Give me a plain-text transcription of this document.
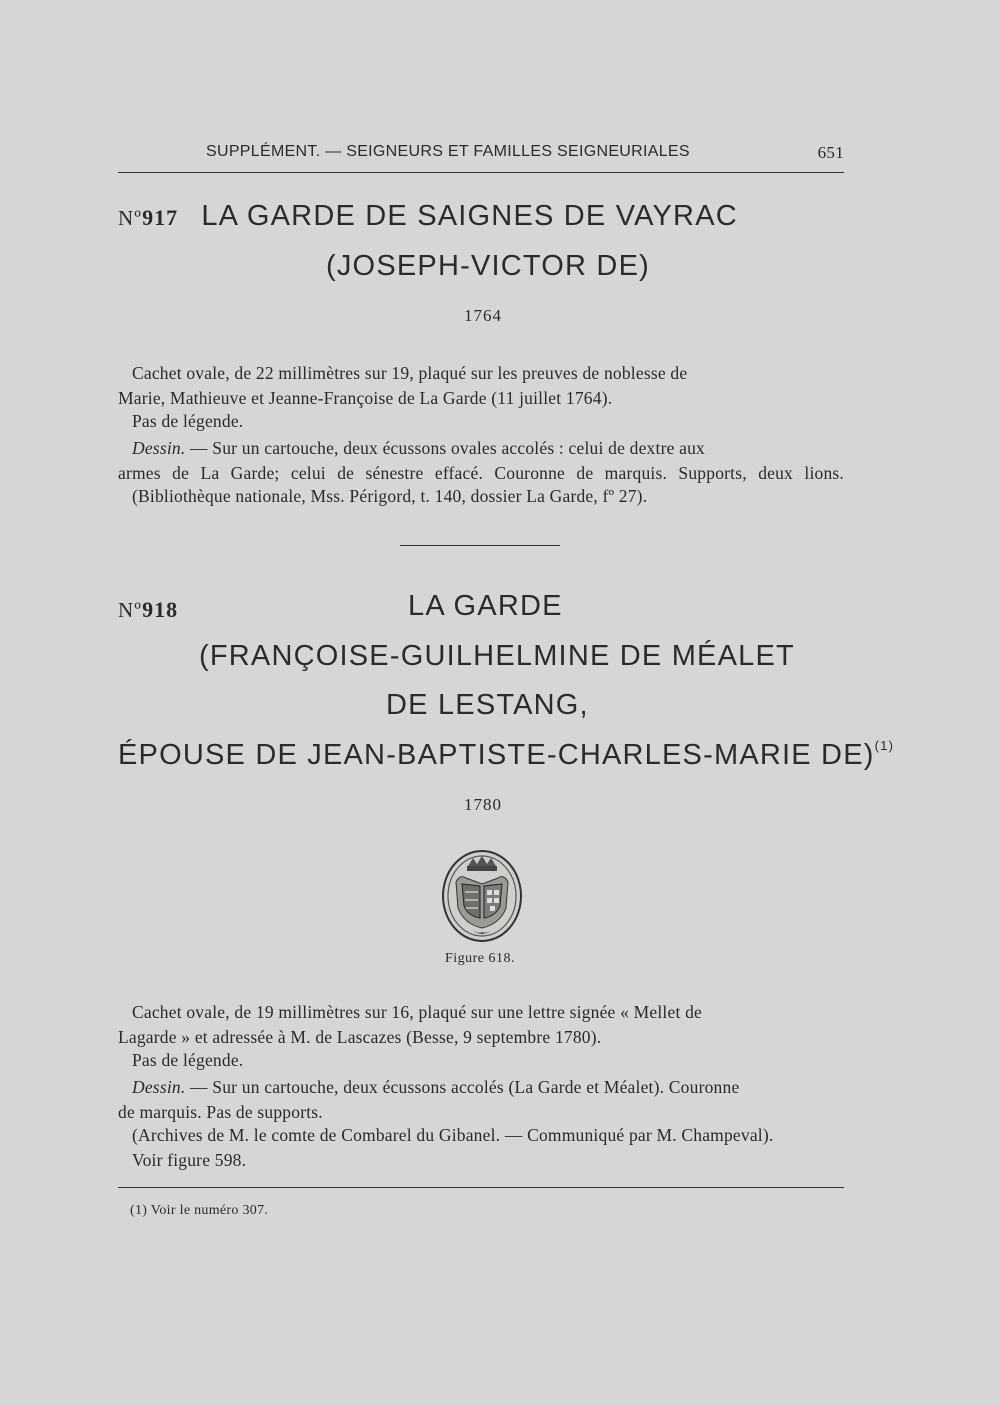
SUPPLÉMENT. — SEIGNEURS ET FAMILLES SEIGNEURIALES	651
Nº917 LA GARDE DE SAIGNES DE VAYRAC
(JOSEPH-VICTOR DE)
1764
Cachet ovale, de 22 millimètres sur 19, plaqué sur les preuves de noblesse de
Marie, Mathieuve et Jeanne-Françoise de La Garde (11 juillet 1764).
Pas de légende.
Dessin. — Sur un cartouche, deux écussons ovales accolés : celui de dextre aux
armes de La Garde; celui de sénestre effacé. Couronne de marquis. Supports, deux lions.
(Bibliothèque nationale, Mss. Périgord, t. 140, dossier La Garde, fº 27).
Nº918	LA GARDE
(FRANÇOISE-GUILHELMINE DE MÉALET
DE LESTANG,
ÉPOUSE DE JEAN-BAPTISTE-CHARLES-MARIE DE)$^{(1)}$
1780
Figure 618.
Cachet ovale, de 19 millimètres sur 16, plaqué sur une lettre signée « Mellet de
Lagarde » et adressée à M. de Lascazes (Besse, 9 septembre 1780).
Pas de légende.
Dessin. — Sur un cartouche, deux écussons accolés (La Garde et Méalet). Couronne
de marquis. Pas de supports.
(Archives de M. le comte de Combarel du Gibanel. — Communiqué par M. Champeval).
Voir figure 598.
(1) Voir le numéro 307.
